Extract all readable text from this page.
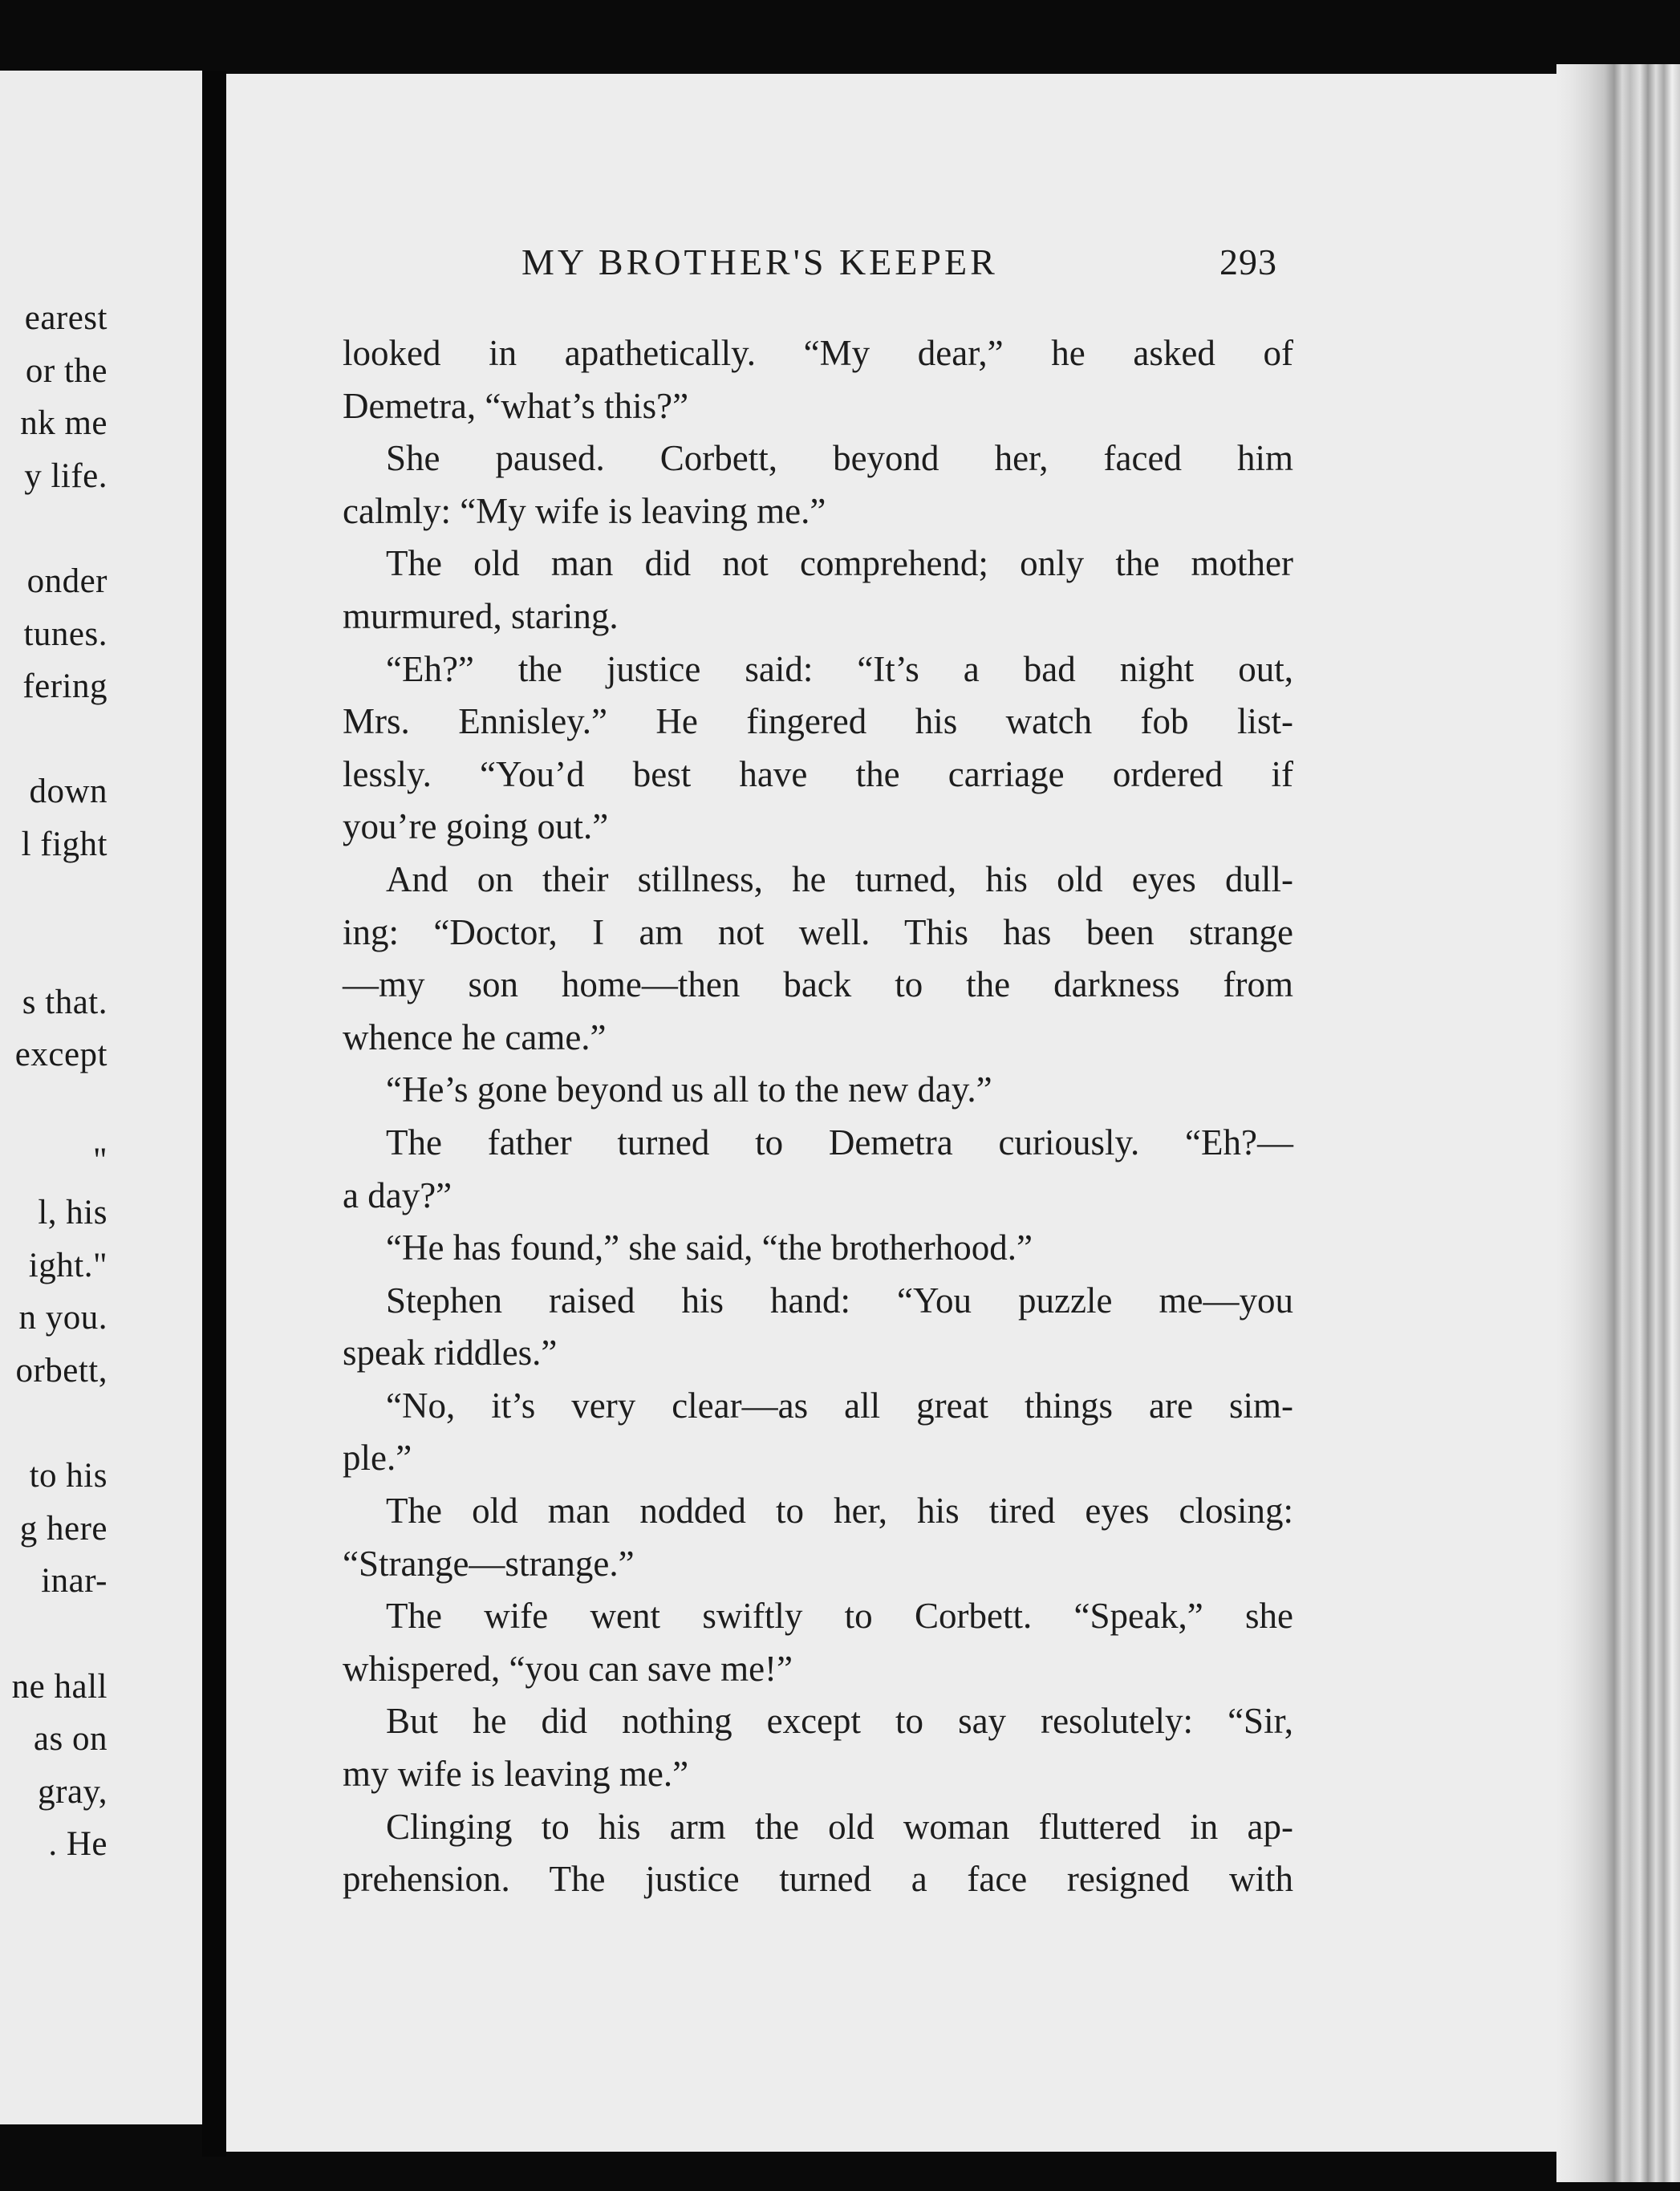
earest
or the
nk me
y life.
onder
tunes.
fering
down
l fight
s that.
except
"
l, his
ight."
n you.
orbett,
to his
g here
inar-
ne hall
as on
gray,
. He
MY BROTHER'S KEEPER	293
looked in apathetically. “My dear,” he asked of
Demetra, “what’s this?”
She paused. Corbett, beyond her, faced him
calmly: “My wife is leaving me.”
The old man did not comprehend; only the mother
murmured, staring.
“Eh?” the justice said: “It’s a bad night out,
Mrs. Ennisley.” He fingered his watch fob list-
lessly. “You’d best have the carriage ordered if
you’re going out.”
And on their stillness, he turned, his old eyes dull-
ing: “Doctor, I am not well. This has been strange
—my son home—then back to the darkness from
whence he came.”
“He’s gone beyond us all to the new day.”
The father turned to Demetra curiously. “Eh?—
a day?”
“He has found,” she said, “the brotherhood.”
Stephen raised his hand: “You puzzle me—you
speak riddles.”
“No, it’s very clear—as all great things are sim-
ple.”
The old man nodded to her, his tired eyes closing:
“Strange—strange.”
The wife went swiftly to Corbett. “Speak,” she
whispered, “you can save me!”
But he did nothing except to say resolutely: “Sir,
my wife is leaving me.”
Clinging to his arm the old woman fluttered in ap-
prehension. The justice turned a face resigned with
